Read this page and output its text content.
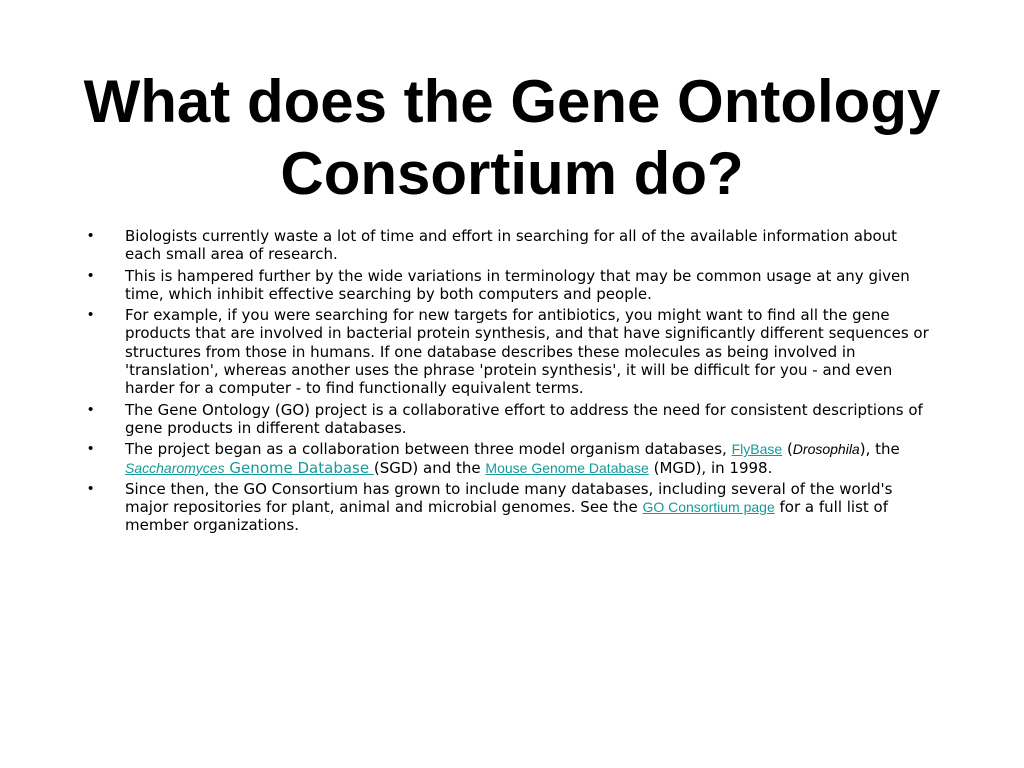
What does the Gene Ontology Consortium do?
• Biologists currently waste a lot of time and effort in searching for all of the available information about each small area of research.
• This is hampered further by the wide variations in terminology that may be common usage at any given time, which inhibit effective searching by both computers and people.
• For example, if you were searching for new targets for antibiotics, you might want to find all the gene products that are involved in bacterial protein synthesis, and that have significantly different sequences or structures from those in humans. If one database describes these molecules as being involved in 'translation', whereas another uses the phrase 'protein synthesis', it will be difficult for you - and even harder for a computer - to find functionally equivalent terms.
• The Gene Ontology (GO) project is a collaborative effort to address the need for consistent descriptions of gene products in different databases.
• The project began as a collaboration between three model organism databases, FlyBase (Drosophila), the Saccharomyces Genome Database (SGD) and the Mouse Genome Database (MGD), in 1998.
• Since then, the GO Consortium has grown to include many databases, including several of the world's major repositories for plant, animal and microbial genomes. See the GO Consortium page for a full list of member organizations.
